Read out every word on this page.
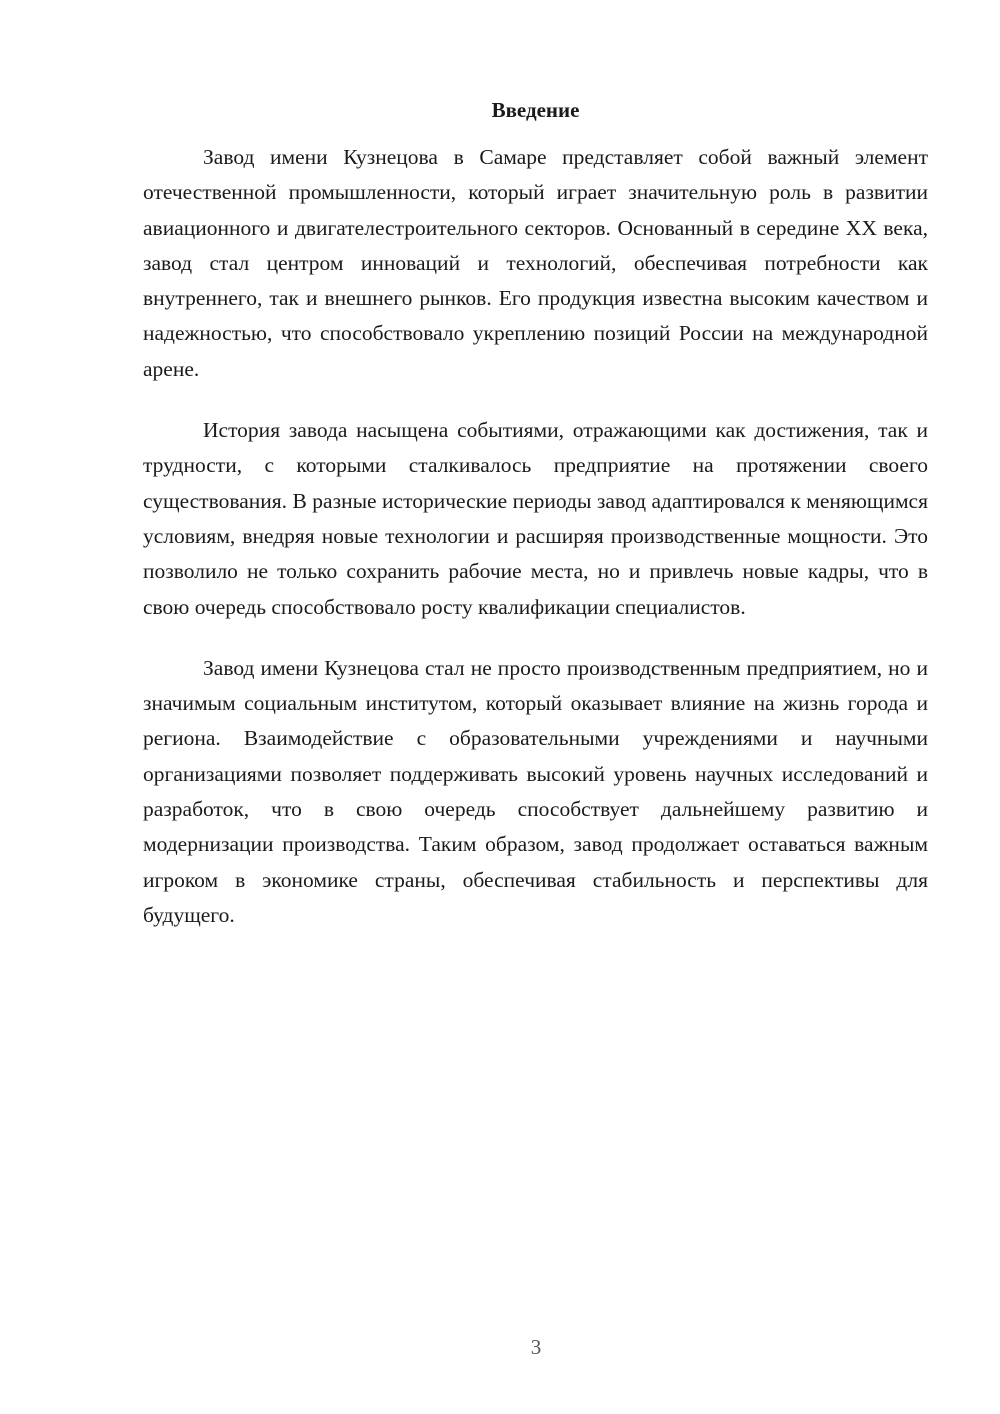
Введение

Завод имени Кузнецова в Самаре представляет собой важный элемент отечественной промышленности, который играет значительную роль в развитии авиационного и двигателестроительного секторов. Основанный в середине XX века, завод стал центром инноваций и технологий, обеспечивая потребности как внутреннего, так и внешнего рынков. Его продукция известна высоким качеством и надежностью, что способствовало укреплению позиций России на международной арене.

История завода насыщена событиями, отражающими как достижения, так и трудности, с которыми сталкивалось предприятие на протяжении своего существования. В разные исторические периоды завод адаптировался к меняющимся условиям, внедряя новые технологии и расширяя производственные мощности. Это позволило не только сохранить рабочие места, но и привлечь новые кадры, что в свою очередь способствовало росту квалификации специалистов.

Завод имени Кузнецова стал не просто производственным предприятием, но и значимым социальным институтом, который оказывает влияние на жизнь города и региона. Взаимодействие с образовательными учреждениями и научными организациями позволяет поддерживать высокий уровень научных исследований и разработок, что в свою очередь способствует дальнейшему развитию и модернизации производства. Таким образом, завод продолжает оставаться важным игроком в экономике страны, обеспечивая стабильность и перспективы для будущего.

3
